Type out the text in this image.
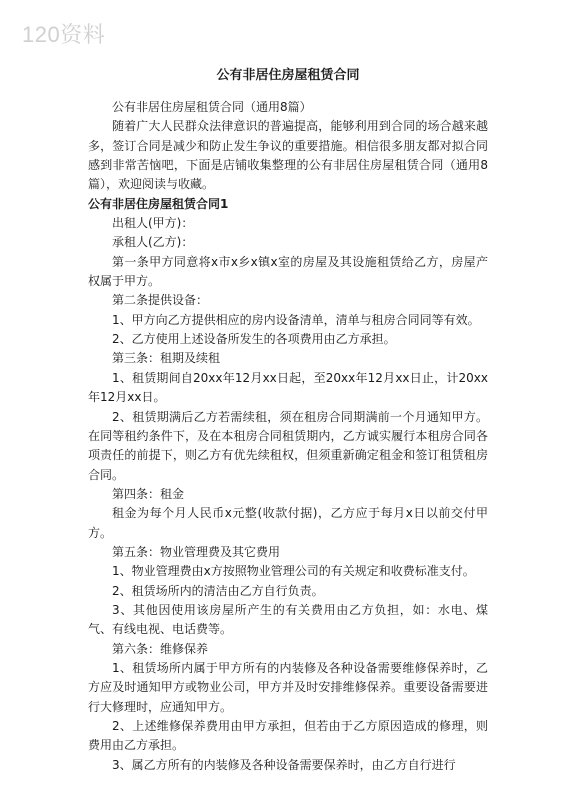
120资料
公有非居住房屋租赁合同

公有非居住房屋租赁合同（通用8篇）

随着广大人民群众法律意识的普遍提高，能够利用到合同的场合越来越多，签订合同是减少和防止发生争议的重要措施。相信很多朋友都对拟合同感到非常苦恼吧，下面是店铺收集整理的公有非居住房屋租赁合同（通用8篇），欢迎阅读与收藏。

公有非居住房屋租赁合同1

出租人(甲方)：

承租人(乙方)：

第一条甲方同意将x市x乡x镇x室的房屋及其设施租赁给乙方，房屋产权属于甲方。

第二条提供设备：

1、甲方向乙方提供相应的房内设备清单，清单与租房合同同等有效。

2、乙方使用上述设备所发生的各项费用由乙方承担。

第三条：租期及续租

1、租赁期间自20xx年12月xx日起，至20xx年12月xx日止，计20xx年12月xx日。

2、租赁期满后乙方若需续租，须在租房合同期满前一个月通知甲方。在同等租约条件下，及在本租房合同租赁期内，乙方诚实履行本租房合同各项责任的前提下，则乙方有优先续租权，但须重新确定租金和签订租赁租房合同。

第四条：租金

租金为每个月人民币x元整(收款付据)，乙方应于每月x日以前交付甲方。

第五条：物业管理费及其它费用

1、物业管理费由x方按照物业管理公司的有关规定和收费标准支付。

2、租赁场所内的清洁由乙方自行负责。

3、其他因使用该房屋所产生的有关费用由乙方负担，如：水电、煤气、有线电视、电话费等。

第六条：维修保养

1、租赁场所内属于甲方所有的内装修及各种设备需要维修保养时，乙方应及时通知甲方或物业公司，甲方并及时安排维修保养。重要设备需要进行大修理时，应通知甲方。

2、上述维修保养费用由甲方承担，但若由于乙方原因造成的修理，则费用由乙方承担。

3、属乙方所有的内装修及各种设备需要保养时，由乙方自行进行
